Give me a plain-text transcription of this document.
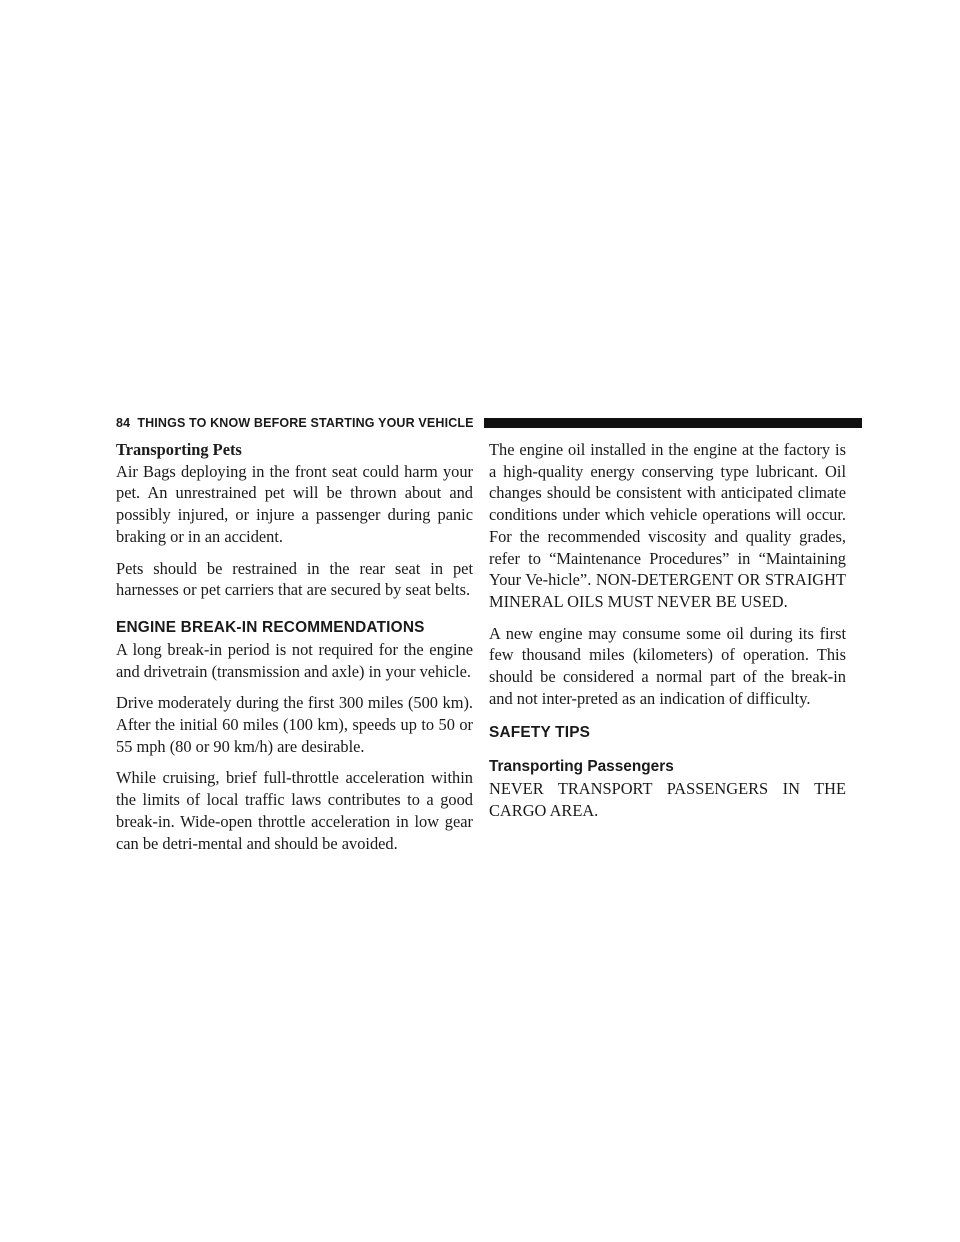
84 THINGS TO KNOW BEFORE STARTING YOUR VEHICLE
Transporting Pets

Air Bags deploying in the front seat could harm your pet. An unrestrained pet will be thrown about and possibly injured, or injure a passenger during panic braking or in an accident.

Pets should be restrained in the rear seat in pet harnesses or pet carriers that are secured by seat belts.

ENGINE BREAK-IN RECOMMENDATIONS

A long break-in period is not required for the engine and drivetrain (transmission and axle) in your vehicle.

Drive moderately during the first 300 miles (500 km). After the initial 60 miles (100 km), speeds up to 50 or 55 mph (80 or 90 km/h) are desirable.

While cruising, brief full-throttle acceleration within the limits of local traffic laws contributes to a good break-in. Wide-open throttle acceleration in low gear can be detri-mental and should be avoided.

The engine oil installed in the engine at the factory is a high-quality energy conserving type lubricant. Oil changes should be consistent with anticipated climate conditions under which vehicle operations will occur. For the recommended viscosity and quality grades, refer to “Maintenance Procedures” in “Maintaining Your Ve-hicle”. NON-DETERGENT OR STRAIGHT MINERAL OILS MUST NEVER BE USED.

A new engine may consume some oil during its first few thousand miles (kilometers) of operation. This should be considered a normal part of the break-in and not inter-preted as an indication of difficulty.

SAFETY TIPS
Transporting Passengers

NEVER TRANSPORT PASSENGERS IN THE CARGO AREA.
